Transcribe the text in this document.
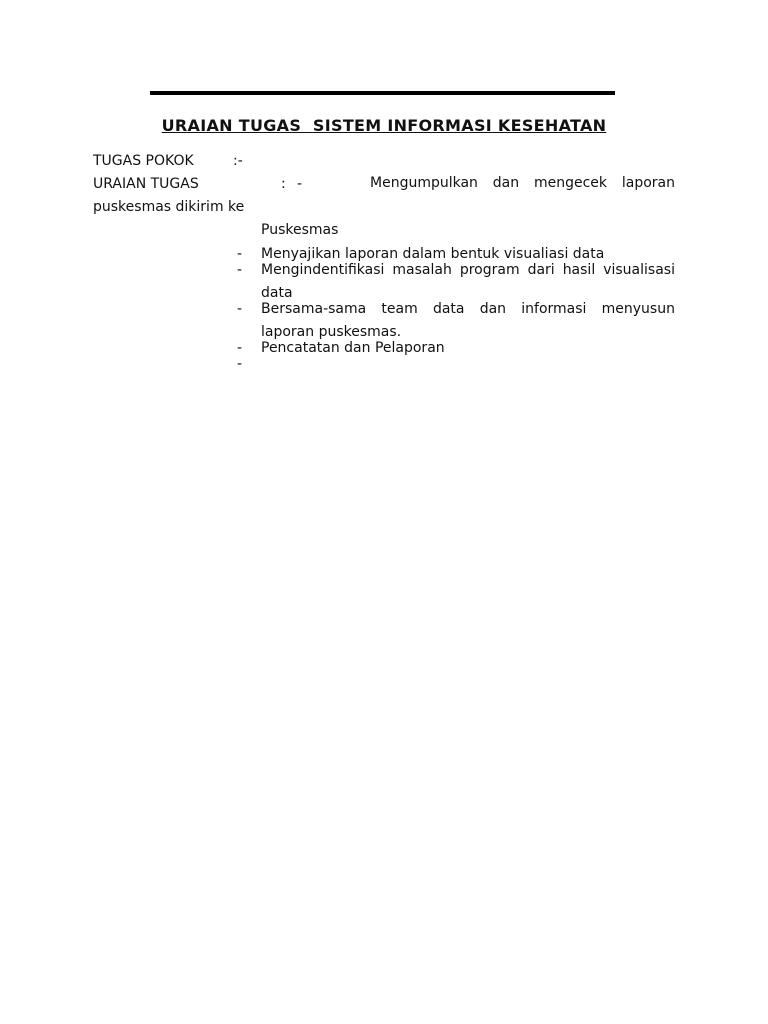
URAIAN TUGAS  SISTEM INFORMASI KESEHATAN
TUGAS POKOK	:-
URAIAN TUGAS	: -	Mengumpulkan dan mengecek laporan
puskesmas dikirim ke
Puskesmas
- Menyajikan laporan dalam bentuk visualiasi data
- Mengindentifikasi masalah program dari hasil visualisasi
data
- Bersama-sama team data dan informasi menyusun
laporan puskesmas.
- Pencatatan dan Pelaporan
-
